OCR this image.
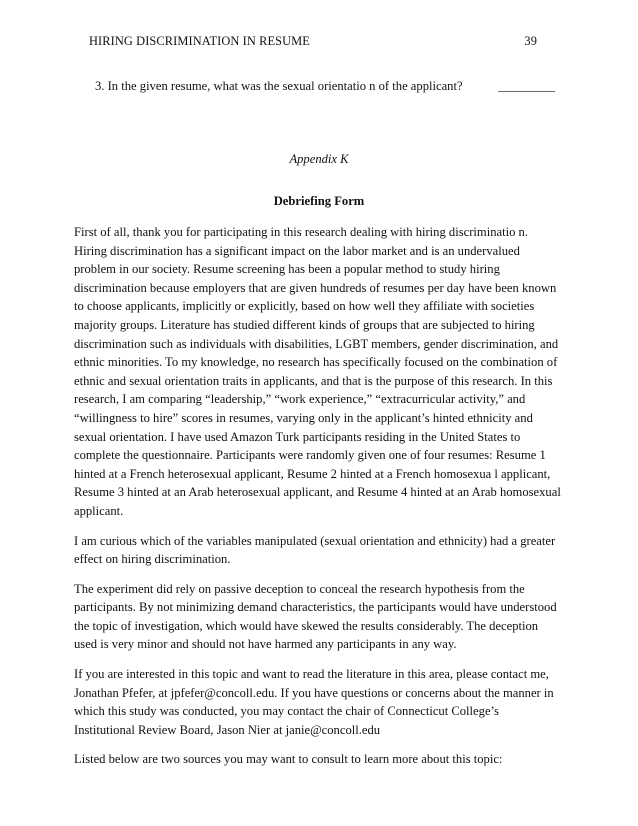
HIRING DISCRIMINATION IN RESUME	39
3. In the given resume, what was the sexual orientatio n of the applicant?	_________
Appendix K
Debriefing Form

First of all, thank you for participating in this research dealing with hiring discriminatio n. Hiring discrimination has a significant impact on the labor market and is an undervalued problem in our society. Resume screening has been a popular method to study hiring discrimination because employers that are given hundreds of resumes per day have been known to choose applicants, implicitly or explicitly, based on how well they affiliate with societies majority groups. Literature has studied different kinds of groups that are subjected to hiring discrimination such as individuals with disabilities, LGBT members, gender discrimination, and ethnic minorities. To my knowledge, no research has specifically focused on the combination of ethnic and sexual orientation traits in applicants, and that is the purpose of this research. In this research, I am comparing “leadership,” “work experience,” “extracurricular activity,” and “willingness to hire” scores in resumes, varying only in the applicant’s hinted ethnicity and sexual orientation. I have used Amazon Turk participants residing in the United States to complete the questionnaire. Participants were randomly given one of four resumes: Resume 1 hinted at a French heterosexual applicant, Resume 2 hinted at a French homosexua l applicant, Resume 3 hinted at an Arab heterosexual applicant, and Resume 4 hinted at an Arab homosexual applicant.

I am curious which of the variables manipulated (sexual orientation and ethnicity) had a greater effect on hiring discrimination.

The experiment did rely on passive deception to conceal the research hypothesis from the participants. By not minimizing demand characteristics, the participants would have understood the topic of investigation, which would have skewed the results considerably. The deception used is very minor and should not have harmed any participants in any way.

If you are interested in this topic and want to read the literature in this area, please contact me, Jonathan Pfefer, at jpfefer@concoll.edu. If you have questions or concerns about the manner in which this study was conducted, you may contact the chair of Connecticut College’s Institutional Review Board, Jason Nier at janie@concoll.edu

Listed below are two sources you may want to consult to learn more about this topic:
